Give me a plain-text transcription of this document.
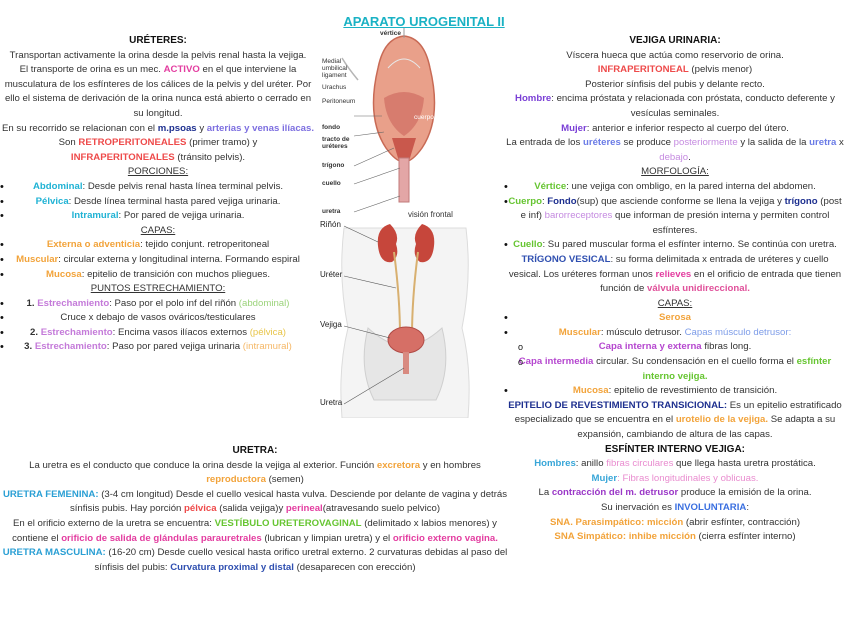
APARATO UROGENITAL II
URÉTERES:

Transportan activamente la orina desde la pelvis renal hasta la vejiga.

El transporte de orina es un mec. ACTIVO en el que interviene la musculatura de los esfínteres de los cálices de la pelvis y del uréter. Por ello el sistema de derivación de la orina nunca está abierto o cerrado en su longitud.

En su recorrido se relacionan con el m.psoas y arterias y venas ilíacas.

Son RETROPERITONEALES (primer tramo) y
INFRAPERITONEALES (tránsito pelvis).

PORCIONES:
• Abdominal: Desde pelvis renal hasta línea terminal pelvis.
• Pélvica: Desde línea terminal hasta pared vejiga urinaria.
• Intramural: Por pared de vejiga urinaria.
CAPAS:
• Externa o adventicia: tejido conjunt. retroperitoneal
• Muscular: circular externa y longitudinal interna. Formando espiral
• Mucosa: epitelio de transición con muchos pliegues.
PUNTOS ESTRECHAMIENTO:
• 1. Estrechamiento: Paso por el polo inf del riñón (abdominal)
• Cruce x debajo de vasos ováricos/testiculares
• 2. Estrechamiento: Encima vasos ilíacos externos (pélvica)
• 3. Estrechamiento: Paso por pared vejiga urinaria (intramural)
URETRA:

La uretra es el conducto que conduce la orina desde la vejiga al exterior. Función excretora y en hombres reproductora (semen)

URETRA FEMENINA: (3-4 cm longitud) Desde el cuello vesical hasta vulva. Desciende por delante de vagina y detrás sínfisis pubis. Hay porción pélvica (salida vejiga)y perineal(atravesando suelo pelvico)

En el orificio externo de la uretra se encuentra: VESTÍBULO URETEROVAGINAL (delimitado x labios menores) y contiene el orificio de salida de glándulas parauretrales (lubrican y limpian uretra) y el orificio externo vagina.

URETRA MASCULINA: (16-20 cm) Desde cuello vesical hasta orifico uretral externo. 2 curvaturas debidas al paso del sínfisis del pubis: Curvatura proximal y distal (desaparecen con erección)

VEJIGA URINARIA:

Víscera hueca que actúa como reservorio de orina.

INFRAPERITONEAL (pelvis menor)

Posterior sínfisis del pubis y delante recto.

Hombre: encima próstata y relacionada con próstata, conducto deferente y vesículas seminales.

Mujer: anterior e inferior respecto al cuerpo del útero.

La entrada de los uréteres se produce posteriormente y la salida de la uretra x debajo.

MORFOLOGÍA:
• Vértice: une vejiga con ombligo, en la pared interna del abdomen.
• Cuerpo: Fondo(sup) que asciende conforme se llena la vejiga y trígono (post e inf) barorreceptores que informan de presión interna y permiten control esfínteres.
• Cuello: Su pared muscular forma el esfínter interno. Se continúa con uretra.

TRÍGONO VESICAL: su forma delimitada x entrada de uréteres y cuello vesical. Los uréteres forman unos relieves en el orificio de entrada que tienen función de válvula unidireccional.

CAPAS:
• Serosa
• Muscular: músculo detrusor. Capas músculo detrusor:
o Capa interna y externa fibras long.
o Capa intermedia circular. Su condensación en el cuello forma el esfínter interno vejiga.
• Mucosa: epitelio de revestimiento de transición.

EPITELIO DE REVESTIMIENTO TRANSICIONAL: Es un epitelio estratificado especializado que se encuentra en el urotelio de la vejiga. Se adapta a su expansión, cambiando de altura de las capas.

ESFÍNTER INTERNO VEJIGA:

Hombres: anillo fibras circulares que llega hasta uretra prostática.

Mujer: Fibras longitudinales y oblicuas.

La contracción del m. detrusor produce la emisión de la orina.

Su inervación es INVOLUNTARIA:

SNA. Parasimpático: micción (abrir esfínter, contracción)

SNA Simpático: inhibe micción (cierra esfínter interno)

vértice
Medial umbilical ligament
Urachus
Peritoneum
fondo
tracto de uréteres
trígono
cuello
uretra
cuerpo
visión frontal
Riñón
Uréter
Vejiga
Uretra
